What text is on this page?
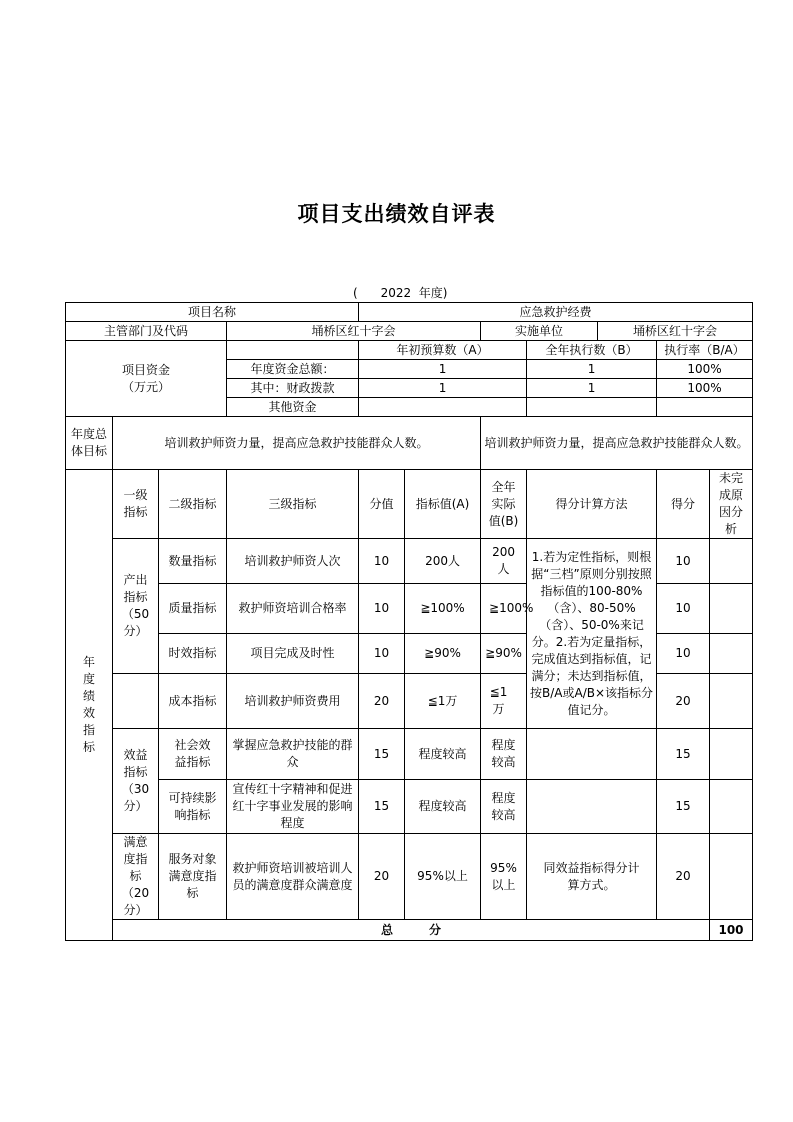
项目支出绩效自评表
(      2022  年度)
项目名称				应急救护经费							
主管部门及代码			埇桥区红十字会			实施单位		埇桥区红十字会			

项目资金
（万元）				年初预算数（A）			全年执行数（B）		执行率（B/A）		
			年度资金总额：	1			1		100%		
			其中：财政拨款	1			1		100%		
			其他资金								
年度总体目标	培训救护师资力量，提高应急救护技能群众人数。					培训救护师资力量，提高应急救护技能群众人数。					
年度绩效指标	一级指标	二级指标	三级指标	分值	指标值(A)	全年实际值(B)	得分计算方法		得分	未完成原因分析	
	产出指标（50分）	数量指标	培训救护师资人次	10	200人	200人	1.若为定性指标，则根据“三档”原则分别按照指标值的100-80%（含）、80-50%（含）、50-0%来记分。2.若为定量指标，完成值达到指标值，记满分；未达到指标值，按B/A或A/B×该指标分值记分。		10		
		质量指标	救护师资培训合格率	10	≧100%	≧100%			10		
		时效指标	项目完成及时性	10	≧90%	≧90%			10		
		成本指标	培训救护师资费用	20	≦1万	≦1万			20		
	效益指标（30分）	社会效益指标	掌握应急救护技能的群众	15	程度较高	程度较高			15		
		可持续影响指标	宣传红十字精神和促进红十字事业发展的影响程度	15	程度较高	程度较高			15		
	满意度指标（20分）	服务对象满意度指标	救护师资培训被培训人员的满意度群众满意度	20	95%以上	95%以上	同效益指标得分计算方式。		20		
	总　　　分									100	
